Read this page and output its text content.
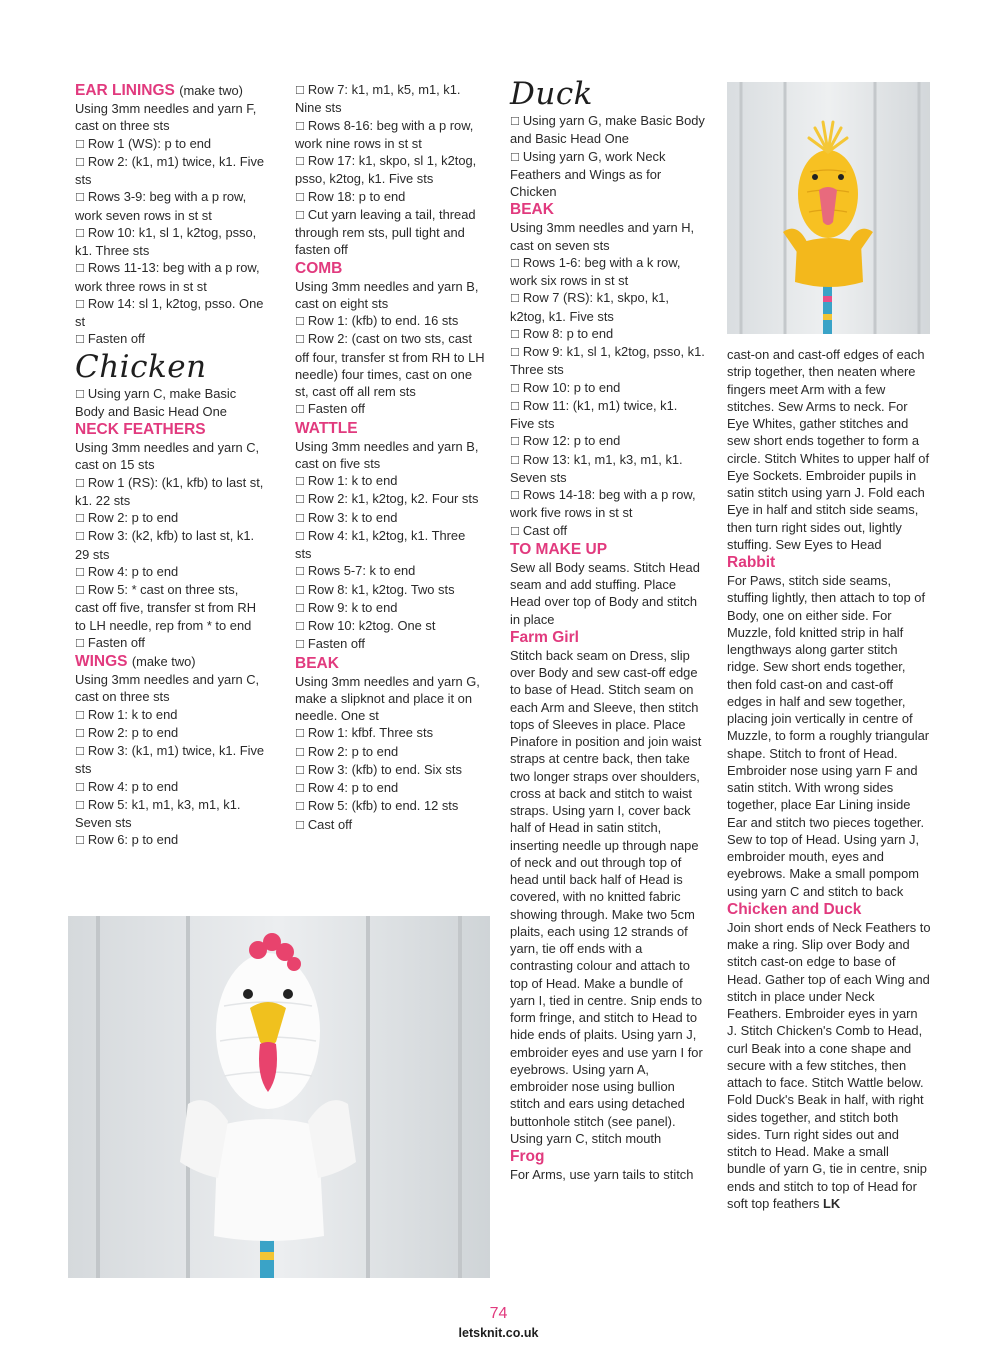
EAR LININGS (make two)

Using 3mm needles and yarn F, cast on three sts

☐ Row 1 (WS): p to end

☐ Row 2: (k1, m1) twice, k1. Five sts

☐ Rows 3-9: beg with a p row, work seven rows in st st

☐ Row 10: k1, sl 1, k2tog, psso, k1. Three sts

☐ Rows 11-13: beg with a p row, work three rows in st st

☐ Row 14: sl 1, k2tog, psso. One st

☐ Fasten off

Chicken

☐ Using yarn C, make Basic Body and Basic Head One

NECK FEATHERS

Using 3mm needles and yarn C, cast on 15 sts

☐ Row 1 (RS): (k1, kfb) to last st, k1. 22 sts

☐ Row 2: p to end

☐ Row 3: (k2, kfb) to last st, k1. 29 sts

☐ Row 4: p to end

☐ Row 5: * cast on three sts, cast off five, transfer st from RH to LH needle, rep from * to end

☐ Fasten off

WINGS (make two)

Using 3mm needles and yarn C, cast on three sts

☐ Row 1: k to end

☐ Row 2: p to end

☐ Row 3: (k1, m1) twice, k1. Five sts

☐ Row 4: p to end

☐ Row 5: k1, m1, k3, m1, k1. Seven sts

☐ Row 6: p to end

☐ Row 7: k1, m1, k5, m1, k1. Nine sts

☐ Rows 8-16: beg with a p row, work nine rows in st st

☐ Row 17: k1, skpo, sl 1, k2tog, psso, k2tog, k1. Five sts

☐ Row 18: p to end

☐ Cut yarn leaving a tail, thread through rem sts, pull tight and fasten off

COMB

Using 3mm needles and yarn B, cast on eight sts

☐ Row 1: (kfb) to end. 16 sts

☐ Row 2: (cast on two sts, cast off four, transfer st from RH to LH needle) four times, cast on one st, cast off all rem sts

☐ Fasten off

WATTLE

Using 3mm needles and yarn B, cast on five sts

☐ Row 1: k to end

☐ Row 2: k1, k2tog, k2. Four sts

☐ Row 3: k to end

☐ Row 4: k1, k2tog, k1. Three sts

☐ Rows 5-7: k to end

☐ Row 8: k1, k2tog. Two sts

☐ Row 9: k to end

☐ Row 10: k2tog. One st

☐ Fasten off

BEAK

Using 3mm needles and yarn G, make a slipknot and place it on needle. One st

☐ Row 1: kfbf. Three sts

☐ Row 2: p to end

☐ Row 3: (kfb) to end. Six sts

☐ Row 4: p to end

☐ Row 5: (kfb) to end. 12 sts

☐ Cast off

Duck

☐ Using yarn G, make Basic Body and Basic Head One

☐ Using yarn G, work Neck Feathers and Wings as for Chicken

BEAK

Using 3mm needles and yarn H, cast on seven sts

☐ Rows 1-6: beg with a k row, work six rows in st st

☐ Row 7 (RS): k1, skpo, k1, k2tog, k1. Five sts

☐ Row 8: p to end

☐ Row 9: k1, sl 1, k2tog, psso, k1. Three sts

☐ Row 10: p to end

☐ Row 11: (k1, m1) twice, k1. Five sts

☐ Row 12: p to end

☐ Row 13: k1, m1, k3, m1, k1. Seven sts

☐ Rows 14-18: beg with a p row, work five rows in st st

☐ Cast off

TO MAKE UP

Sew all Body seams. Stitch Head seam and add stuffing. Place Head over top of Body and stitch in place

Farm Girl

Stitch back seam on Dress, slip over Body and sew cast-off edge to base of Head. Stitch seam on each Arm and Sleeve, then stitch tops of Sleeves in place. Place Pinafore in position and join waist straps at centre back, then take two longer straps over shoulders, cross at back and stitch to waist straps. Using yarn I, cover back half of Head in satin stitch, inserting needle up through nape of neck and out through top of head until back half of Head is covered, with no knitted fabric showing through. Make two 5cm plaits, each using 12 strands of yarn, tie off ends with a contrasting colour and attach to top of Head. Make a bundle of yarn I, tied in centre. Snip ends to form fringe, and stitch to Head to hide ends of plaits. Using yarn J, embroider eyes and use yarn I for eyebrows. Using yarn A, embroider nose using bullion stitch and ears using detached buttonhole stitch (see panel). Using yarn C, stitch mouth

Frog

For Arms, use yarn tails to stitch

cast-on and cast-off edges of each strip together, then neaten where fingers meet Arm with a few stitches. Sew Arms to neck. For Eye Whites, gather stitches and sew short ends together to form a circle. Stitch Whites to upper half of Eye Sockets. Embroider pupils in satin stitch using yarn J. Fold each Eye in half and stitch side seams, then turn right sides out, lightly stuffing. Sew Eyes to Head

Rabbit

For Paws, stitch side seams, stuffing lightly, then attach to top of Body, one on either side. For Muzzle, fold knitted strip in half lengthways along garter stitch ridge. Sew short ends together, then fold cast-on and cast-off edges in half and sew together, placing join vertically in centre of Muzzle, to form a roughly triangular shape. Stitch to front of Head. Embroider nose using yarn F and satin stitch. With wrong sides together, place Ear Lining inside Ear and stitch two pieces together. Sew to top of Head. Using yarn J, embroider mouth, eyes and eyebrows. Make a small pompom using yarn C and stitch to back

Chicken and Duck

Join short ends of Neck Feathers to make a ring. Slip over Body and stitch cast-on edge to base of Head. Gather top of each Wing and stitch in place under Neck Feathers. Embroider eyes in yarn J. Stitch Chicken's Comb to Head, curl Beak into a cone shape and secure with a few stitches, then attach to face. Stitch Wattle below. Fold Duck's Beak in half, with right sides together, and stitch both sides. Turn right sides out and stitch to Head. Make a small bundle of yarn G, tie in centre, snip ends and stitch to top of Head for soft top feathers LK

74
letsknit.co.uk
